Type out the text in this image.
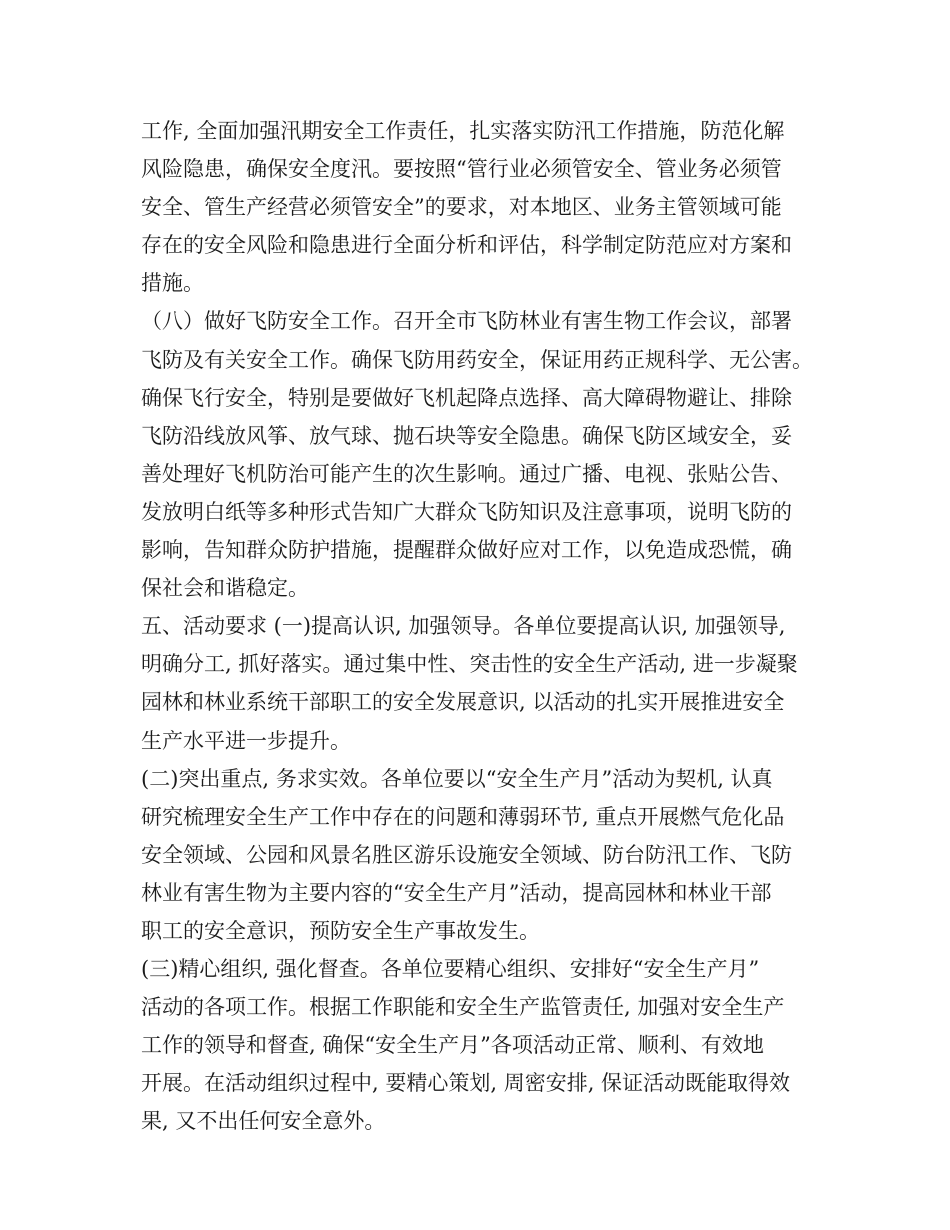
工作, 全面加强汛期安全工作责任，扎实落实防汛工作措施，防范化解
风险隐患，确保安全度汛。要按照“管行业必须管安全、管业务必须管
安全、管生产经营必须管安全”的要求，对本地区、业务主管领域可能
存在的安全风险和隐患进行全面分析和评估，科学制定防范应对方案和
措施。
（八）做好飞防安全工作。召开全市飞防林业有害生物工作会议，部署
飞防及有关安全工作。确保飞防用药安全，保证用药正规科学、无公害。
确保飞行安全，特别是要做好飞机起降点选择、高大障碍物避让、排除
飞防沿线放风筝、放气球、抛石块等安全隐患。确保飞防区域安全，妥
善处理好飞机防治可能产生的次生影响。通过广播、电视、张贴公告、
发放明白纸等多种形式告知广大群众飞防知识及注意事项，说明飞防的
影响，告知群众防护措施，提醒群众做好应对工作，以免造成恐慌，确
保社会和谐稳定。
五、活动要求 (一)提高认识, 加强领导。各单位要提高认识, 加强领导,
明确分工, 抓好落实。通过集中性、突击性的安全生产活动, 进一步凝聚
园林和林业系统干部职工的安全发展意识, 以活动的扎实开展推进安全
生产水平进一步提升。
(二)突出重点, 务求实效。各单位要以“安全生产月”活动为契机, 认真
研究梳理安全生产工作中存在的问题和薄弱环节, 重点开展燃气危化品
安全领域、公园和风景名胜区游乐设施安全领域、防台防汛工作、飞防
林业有害生物为主要内容的“安全生产月”活动，提高园林和林业干部
职工的安全意识，预防安全生产事故发生。
(三)精心组织, 强化督查。各单位要精心组织、安排好“安全生产月”
活动的各项工作。根据工作职能和安全生产监管责任, 加强对安全生产
工作的领导和督查, 确保“安全生产月”各项活动正常、顺利、有效地
开展。在活动组织过程中, 要精心策划, 周密安排, 保证活动既能取得效
果, 又不出任何安全意外。
